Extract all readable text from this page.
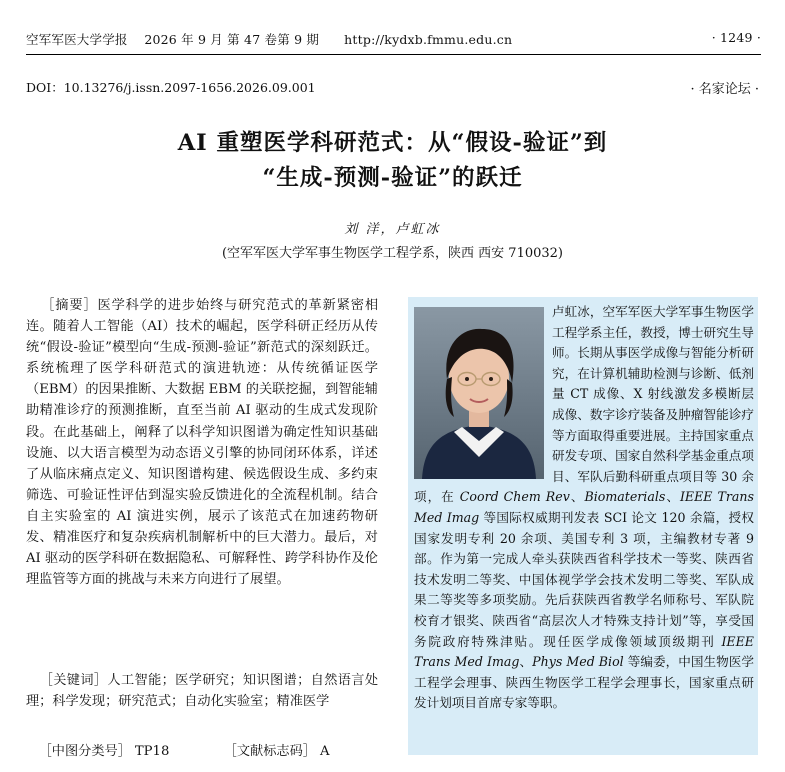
空军军医大学学报 2026 年 9 月 第 47 卷第 9 期 http://kydxb.fmmu.edu.cn	· 1249 ·
DOI：10.13276/j.issn.2097-1656.2026.09.001	· 名家论坛 ·
AI 重塑医学科研范式：从“假设-验证”到
“生成-预测-验证”的跃迁
刘 洋，卢虹冰
(空军军医大学军事生物医学工程学系，陕西 西安 710032)
［摘要］医学科学的进步始终与研究范式的革新紧密相连。随着人工智能（AI）技术的崛起，医学科研正经历从传统“假设-验证”模型向“生成-预测-验证”新范式的深刻跃迁。系统梳理了医学科研范式的演进轨迹：从传统循证医学（EBM）的因果推断、大数据 EBM 的关联挖掘，到智能辅助精准诊疗的预测推断，直至当前 AI 驱动的生成式发现阶段。在此基础上，阐释了以科学知识图谱为确定性知识基础设施、以大语言模型为动态语义引擎的协同闭环体系，详述了从临床痛点定义、知识图谱构建、候选假设生成、多约束筛选、可验证性评估到湿实验反馈进化的全流程机制。结合自主实验室的 AI 演进实例，展示了该范式在加速药物研发、精准医疗和复杂疾病机制解析中的巨大潜力。最后，对 AI 驱动的医学科研在数据隐私、可解释性、跨学科协作及伦理监管等方面的挑战与未来方向进行了展望。
［关键词］人工智能；医学研究；知识图谱；自然语言处理；科学发现；研究范式；自动化实验室；精准医学
［中图分类号］ TP18	［文献标志码］ A
卢虹冰，空军军医大学军事生物医学工程学系主任，教授，博士研究生导师。长期从事医学成像与智能分析研究，在计算机辅助检测与诊断、低剂量 CT 成像、X 射线激发多模断层成像、数字诊疗装备及肿瘤智能诊疗等方面取得重要进展。主持国家重点研发专项、国家自然科学基金重点项目、军队后勤科研重点项目等 30 余项，在 Coord Chem Rev、Biomaterials、IEEE Trans Med Imag 等国际权威期刊发表 SCI 论文 120 余篇，授权国家发明专利 20 余项、美国专利 3 项，主编教材专著 9 部。作为第一完成人牵头获陕西省科学技术一等奖、陕西省技术发明二等奖、中国体视学学会技术发明二等奖、军队成果二等奖等多项奖励。先后获陕西省教学名师称号、军队院校育才银奖、陕西省“高层次人才特殊支持计划”等，享受国务院政府特殊津贴。现任医学成像领域顶级期刊 IEEE Trans Med Imag、Phys Med Biol 等编委，中国生物医学工程学会理事、陕西生物医学工程学会理事长，国家重点研发计划项目首席专家等职。
